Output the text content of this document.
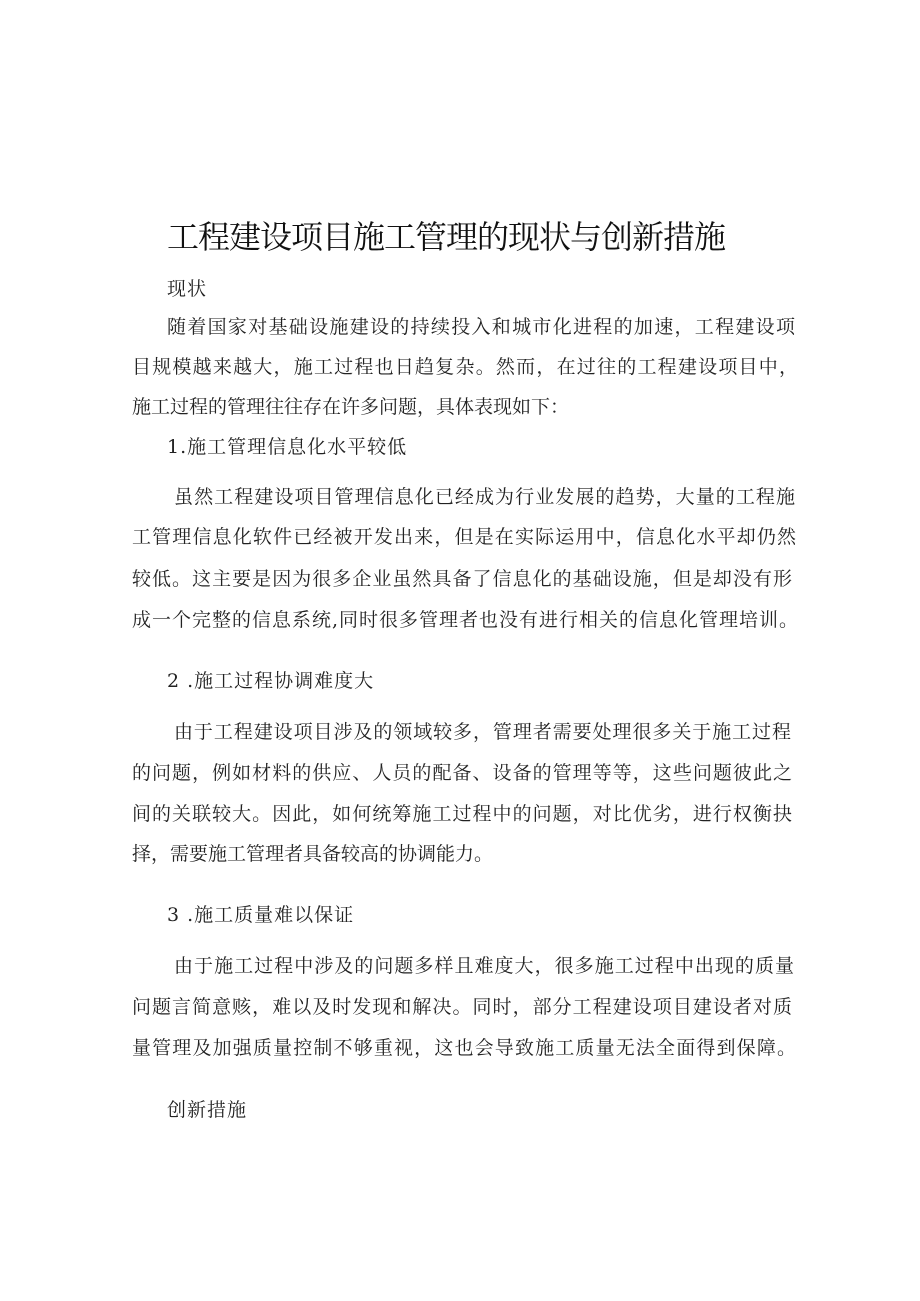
工程建设项目施工管理的现状与创新措施
现状
随着国家对基础设施建设的持续投入和城市化进程的加速，工程建设项
目规模越来越大，施工过程也日趋复杂。然而，在过往的工程建设项目中，
施工过程的管理往往存在许多问题，具体表现如下：
1.施工管理信息化水平较低
虽然工程建设项目管理信息化已经成为行业发展的趋势，大量的工程施
工管理信息化软件已经被开发出来，但是在实际运用中，信息化水平却仍然
较低。这主要是因为很多企业虽然具备了信息化的基础设施，但是却没有形
成一个完整的信息系统,同时很多管理者也没有进行相关的信息化管理培训。
2 .施工过程协调难度大
由于工程建设项目涉及的领域较多，管理者需要处理很多关于施工过程
的问题，例如材料的供应、人员的配备、设备的管理等等，这些问题彼此之
间的关联较大。因此，如何统筹施工过程中的问题，对比优劣，进行权衡抉
择，需要施工管理者具备较高的协调能力。
3 .施工质量难以保证
由于施工过程中涉及的问题多样且难度大，很多施工过程中出现的质量
问题言简意赅，难以及时发现和解决。同时，部分工程建设项目建设者对质
量管理及加强质量控制不够重视，这也会导致施工质量无法全面得到保障。
创新措施
